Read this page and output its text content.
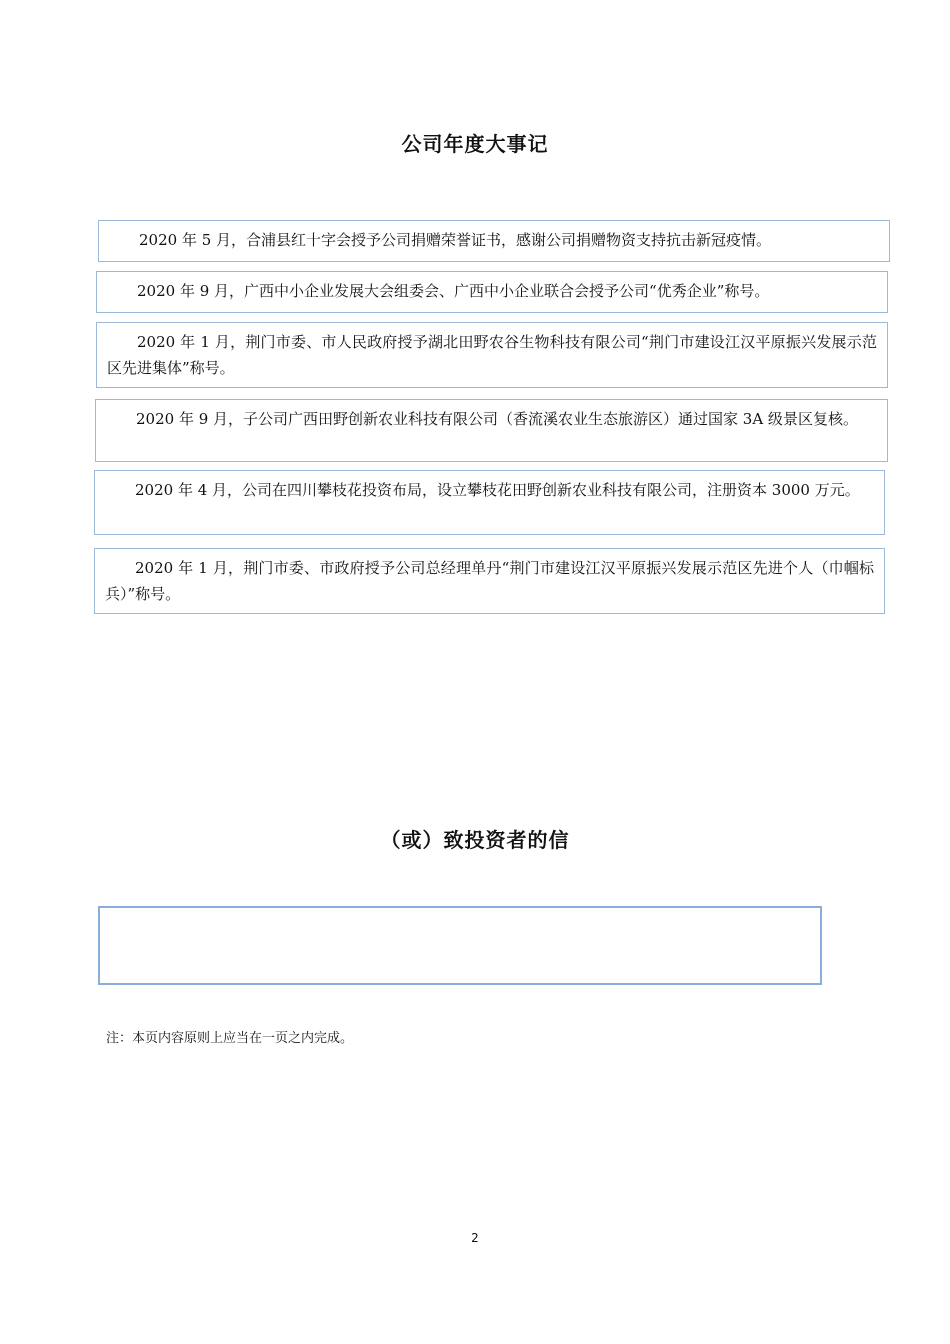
公司年度大事记
2020 年 5 月，合浦县红十字会授予公司捐赠荣誉证书，感谢公司捐赠物资支持抗击新冠疫情。
2020 年 9 月，广西中小企业发展大会组委会、广西中小企业联合会授予公司“优秀企业”称号。
2020 年 1 月，荆门市委、市人民政府授予湖北田野农谷生物科技有限公司“荆门市建设江汉平原振兴发展示范区先进集体”称号。
2020 年 9 月，子公司广西田野创新农业科技有限公司（香流溪农业生态旅游区）通过国家 3A 级景区复核。
2020 年 4 月，公司在四川攀枝花投资布局，设立攀枝花田野创新农业科技有限公司，注册资本 3000 万元。
2020 年 1 月，荆门市委、市政府授予公司总经理单丹“荆门市建设江汉平原振兴发展示范区先进个人（巾帼标兵）”称号。
（或）致投资者的信
注：本页内容原则上应当在一页之内完成。
2
